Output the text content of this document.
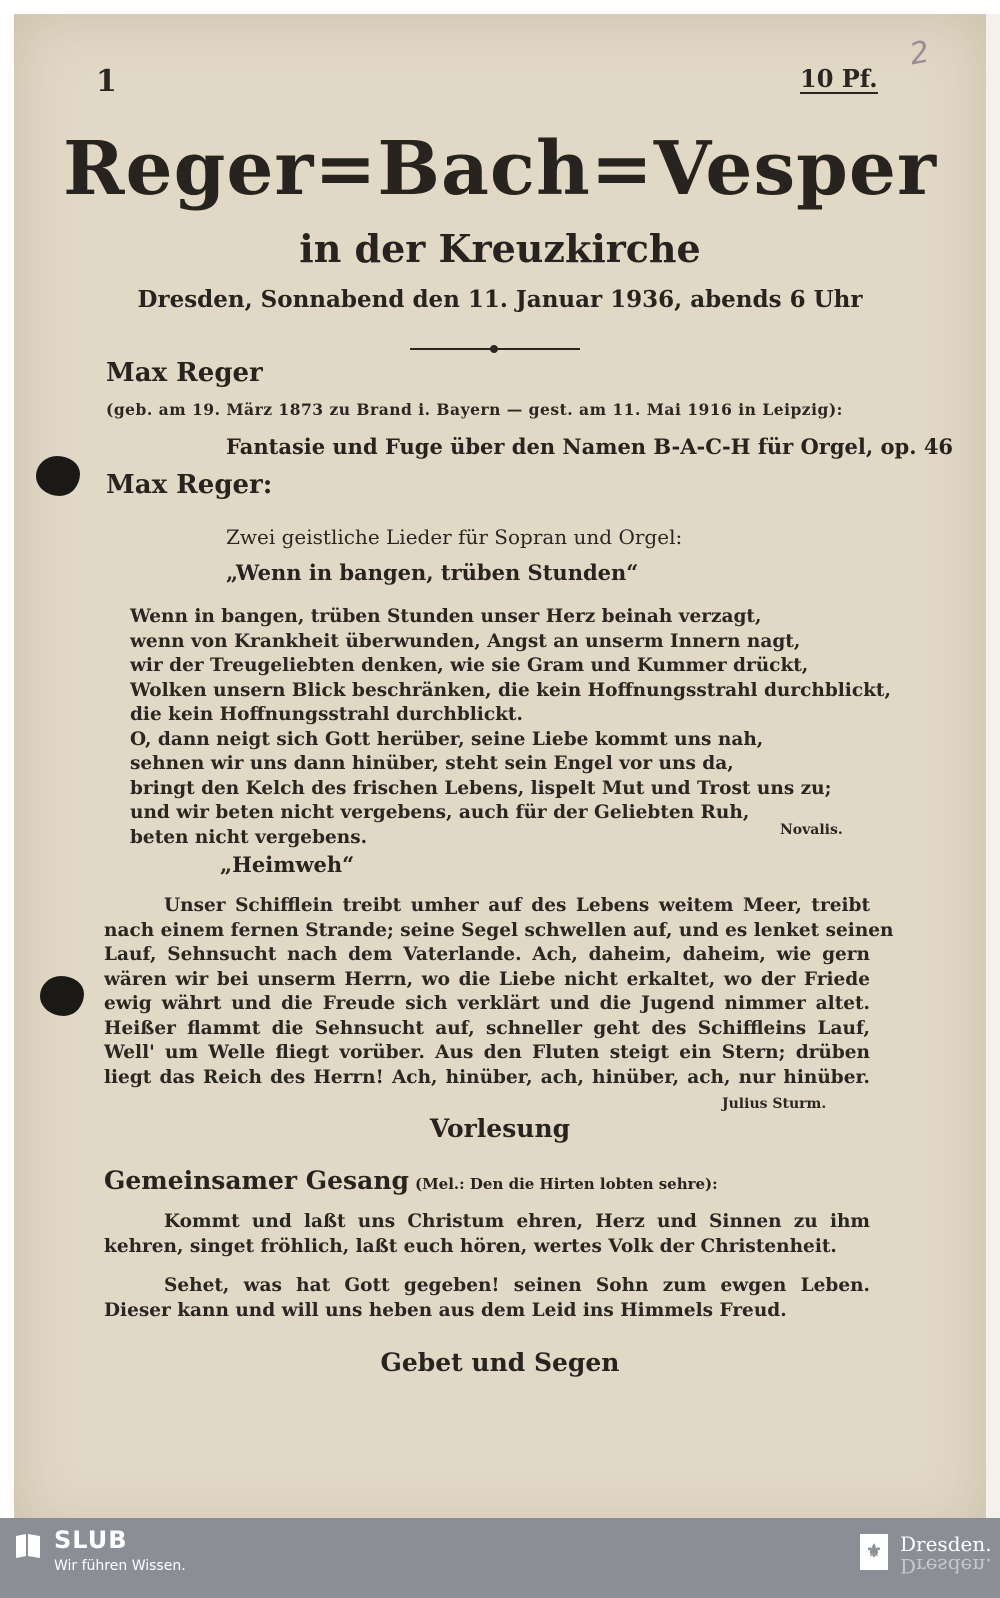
1	10 Pf.
2
Reger=Bach=Vesper
in der Kreuzkirche
Dresden, Sonnabend den 11. Januar 1936, abends 6 Uhr
Max Reger
(geb. am 19. März 1873 zu Brand i. Bayern — gest. am 11. Mai 1916 in Leipzig):
Fantasie und Fuge über den Namen B-A-C-H für Orgel, op. 46
Max Reger:
Zwei geistliche Lieder für Sopran und Orgel:
„Wenn in bangen, trüben Stunden“
Wenn in bangen, trüben Stunden unser Herz beinah verzagt,
wenn von Krankheit überwunden, Angst an unserm Innern nagt,
wir der Treugeliebten denken, wie sie Gram und Kummer drückt,
Wolken unsern Blick beschränken, die kein Hoffnungsstrahl durchblickt,
die kein Hoffnungsstrahl durchblickt.
O, dann neigt sich Gott herüber, seine Liebe kommt uns nah,
sehnen wir uns dann hinüber, steht sein Engel vor uns da,
bringt den Kelch des frischen Lebens, lispelt Mut und Trost uns zu;
und wir beten nicht vergebens, auch für der Geliebten Ruh,
beten nicht vergebens.	Novalis.
„Heimweh“
Unser Schifflein treibt umher auf des Lebens weitem Meer, treibt
nach einem fernen Strande; seine Segel schwellen auf, und es lenket seinen
Lauf, Sehnsucht nach dem Vaterlande. Ach, daheim, daheim, wie gern
wären wir bei unserm Herrn, wo die Liebe nicht erkaltet, wo der Friede
ewig währt und die Freude sich verklärt und die Jugend nimmer altet.
Heißer flammt die Sehnsucht auf, schneller geht des Schiffleins Lauf,
Well' um Welle fliegt vorüber. Aus den Fluten steigt ein Stern; drüben
liegt das Reich des Herrn! Ach, hinüber, ach, hinüber, ach, nur hinüber.
Julius Sturm.
Vorlesung
Gemeinsamer Gesang (Mel.: Den die Hirten lobten sehre):
Kommt und laßt uns Christum ehren, Herz und Sinnen zu ihm
kehren, singet fröhlich, laßt euch hören, wertes Volk der Christenheit.
Sehet, was hat Gott gegeben! seinen Sohn zum ewgen Leben.
Dieser kann und will uns heben aus dem Leid ins Himmels Freud.
Gebet und Segen
SLUB
Wir führen Wissen.
⚜ Dresden.
Dresden.
